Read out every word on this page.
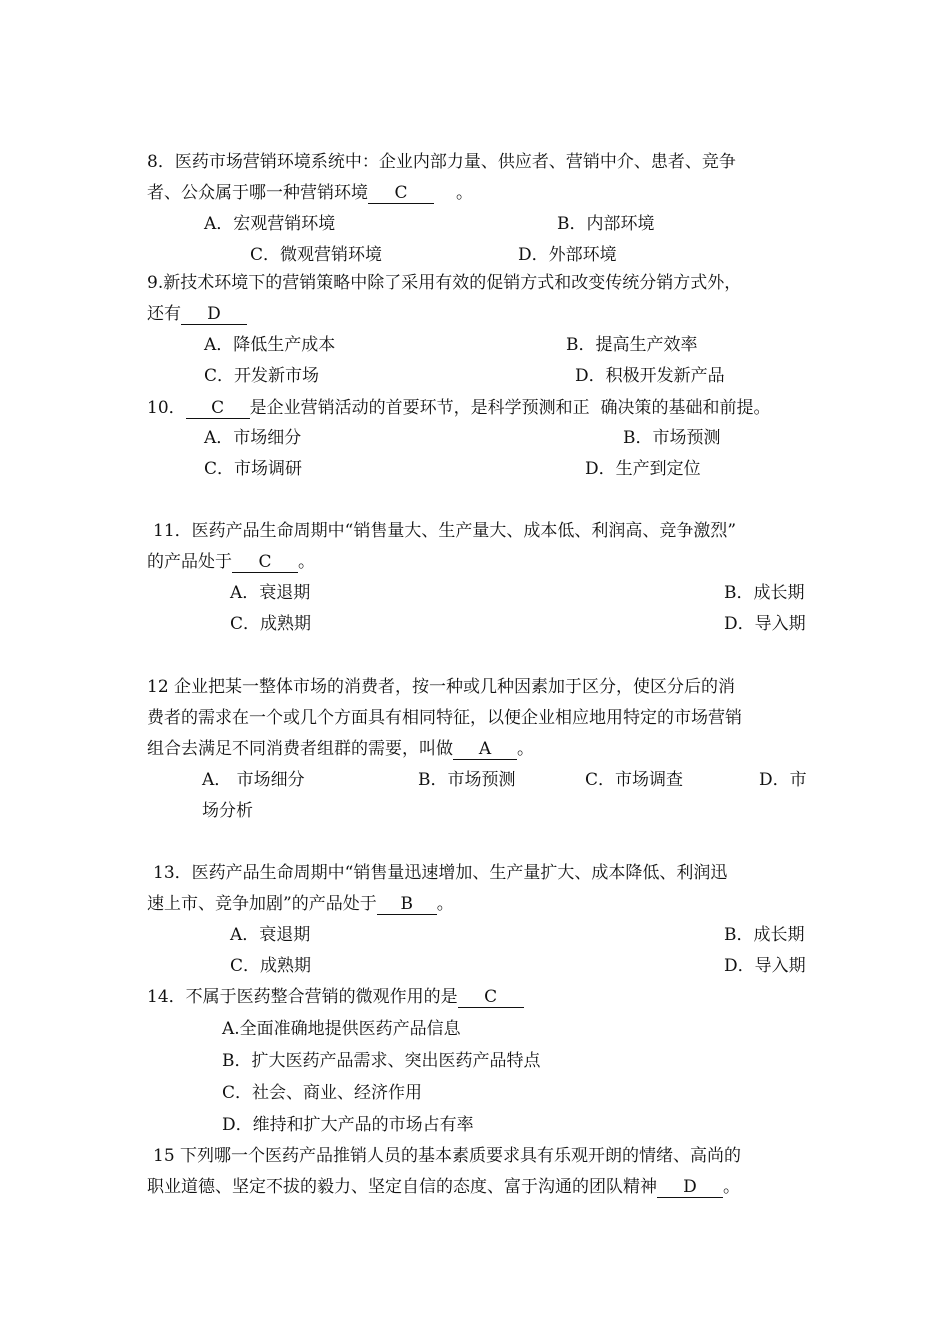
8．医药市场营销环境系统中：企业内部力量、供应者、营销中介、患者、竞争
者、公众属于哪一种营销环境 C	。
A．宏观营销环境	B．内部环境
C．微观营销环境	D．外部环境
9.新技术环境下的营销策略中除了采用有效的促销方式和改变传统分销方式外，
还有 D
A．降低生产成本	B．提高生产效率
C．开发新市场	D．积极开发新产品
10． C 是企业营销活动的首要环节，是科学预测和正  确决策的基础和前提。
A．市场细分	B．市场预测
C．市场调研	D．生产到定位
11．医药产品生命周期中“销售量大、生产量大、成本低、利润高、竞争激烈”
的产品处于 C 。
A．衰退期	B．成长期
C．成熟期	D．导入期
12 企业把某一整体市场的消费者，按一种或几种因素加于区分，使区分后的消
费者的需求在一个或几个方面具有相同特征，以便企业相应地用特定的市场营销
组合去满足不同消费者组群的需要，叫做 A 。
A． 市场细分	B．市场预测	C．市场调查	D．市
场分析
13．医药产品生命周期中“销售量迅速增加、生产量扩大、成本降低、利润迅
速上市、竞争加剧”的产品处于 B 。
A．衰退期	B．成长期
C．成熟期	D．导入期
14．不属于医药整合营销的微观作用的是 C
A.全面准确地提供医药产品信息
B．扩大医药产品需求、突出医药产品特点
C．社会、商业、经济作用
D．维持和扩大产品的市场占有率
15 下列哪一个医药产品推销人员的基本素质要求具有乐观开朗的情绪、高尚的
职业道德、坚定不拔的毅力、坚定自信的态度、富于沟通的团队精神 D 。
